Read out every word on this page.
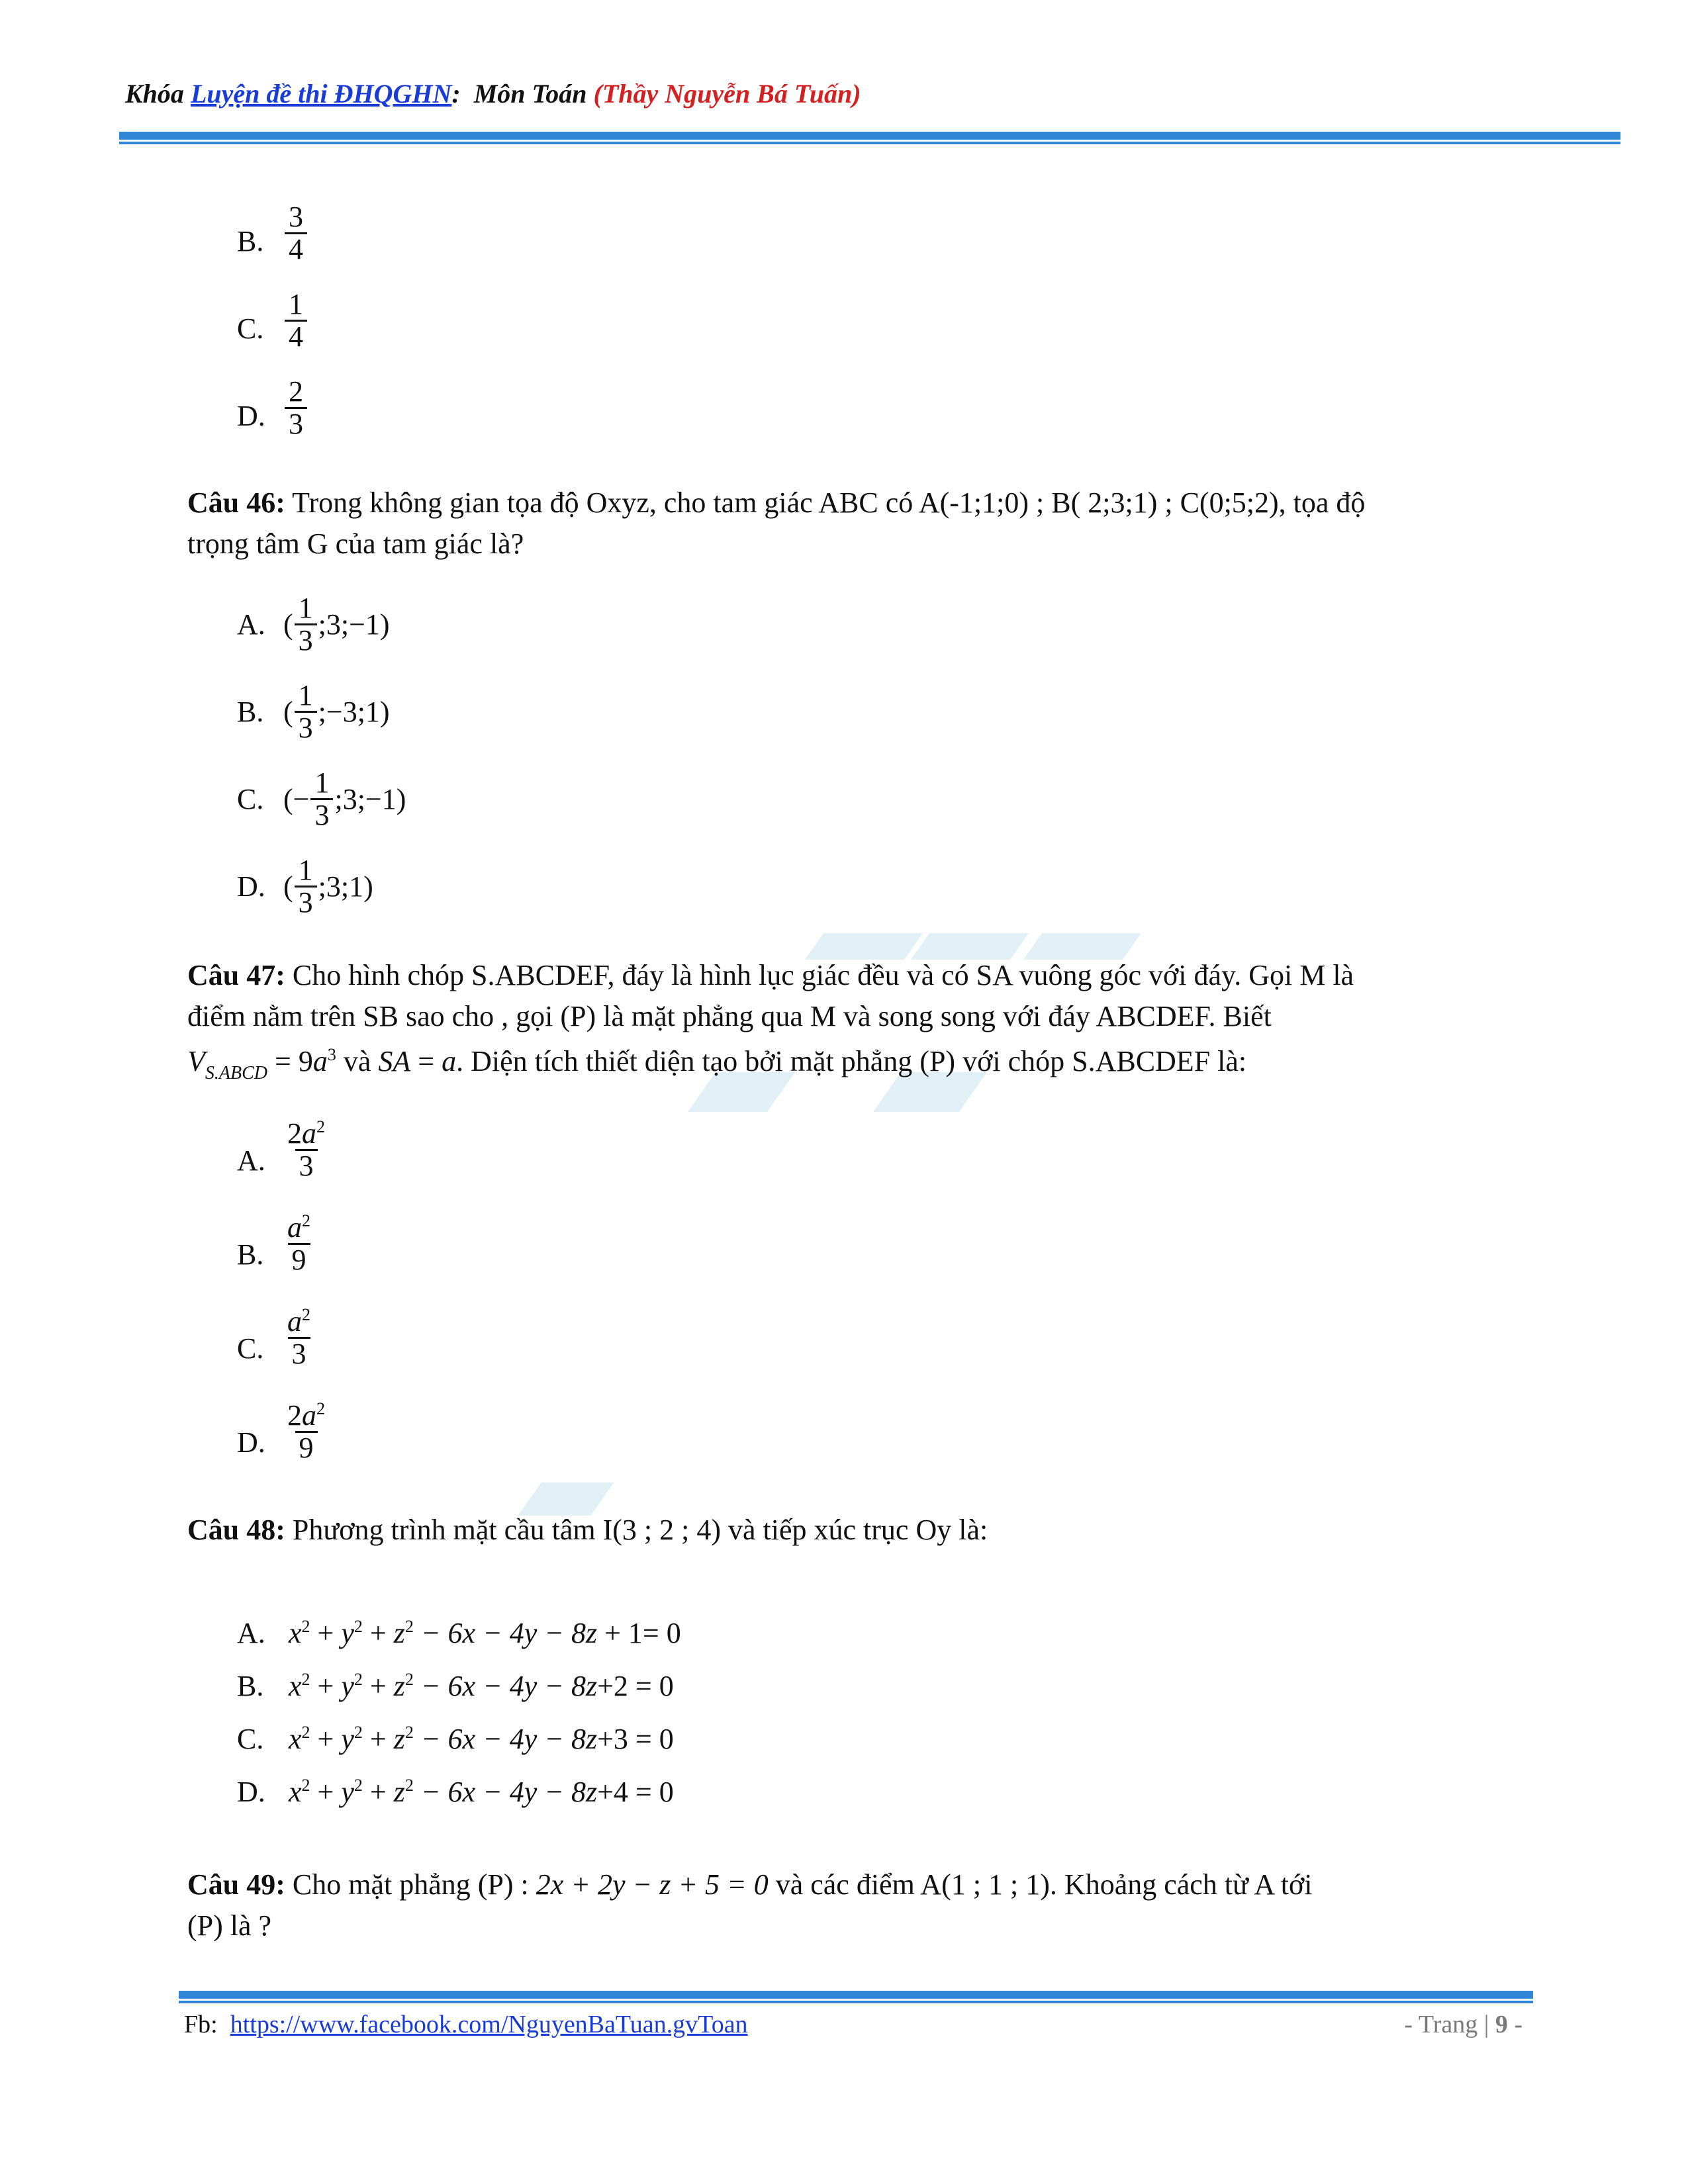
Khóa Luyện đề thi ĐHQGHN: Môn Toán (Thầy Nguyễn Bá Tuấn)
B. $\frac{3}{4}$
C. $\frac{1}{4}$
D. $\frac{2}{3}$
Câu 46: Trong không gian tọa độ Oxyz, cho tam giác ABC có A(-1;1;0) ; B( 2;3;1) ; C(0;5;2), tọa độ
trọng tâm G của tam giác là?
A. ( $\frac{1}{3}$ ;3;−1)
B. ( $\frac{1}{3}$ ;−3;1)
C. ( − $\frac{1}{3}$ ;3;−1)
D. ( $\frac{1}{3}$ ;3;1)
Câu 47: Cho hình chóp S.ABCDEF, đáy là hình lục giác đều và có SA vuông góc với đáy. Gọi M là
điểm nằm trên SB sao cho , gọi (P) là mặt phẳng qua M và song song với đáy ABCDEF. Biết
$V_{S.ABCD} = 9a^3$ và SA = a. Diện tích thiết diện tạo bởi mặt phẳng (P) với chóp S.ABCDEF là:
A. $\frac{2a^2}{3}$
B. $\frac{a^2}{9}$
C. $\frac{a^2}{3}$
D. $\frac{2a^2}{9}$
Câu 48: Phương trình mặt cầu tâm I(3 ; 2 ; 4) và tiếp xúc trục Oy là:
A. $x^2 + y^2 + z^2 - 6x - 4y - 8z + 1= 0$
B. $x^2 + y^2 + z^2 - 6x - 4y - 8z+2 = 0$
C. $x^2 + y^2 + z^2 - 6x - 4y - 8z+3 = 0$
D. $x^2 + y^2 + z^2 - 6x - 4y - 8z+4 = 0$
Câu 49: Cho mặt phẳng (P) : 2x + 2y − z + 5 = 0 và các điểm A(1 ; 1 ; 1). Khoảng cách từ A tới
(P) là ?
Fb: https://www.facebook.com/NguyenBaTuan.gvToan	- Trang | 9 -
